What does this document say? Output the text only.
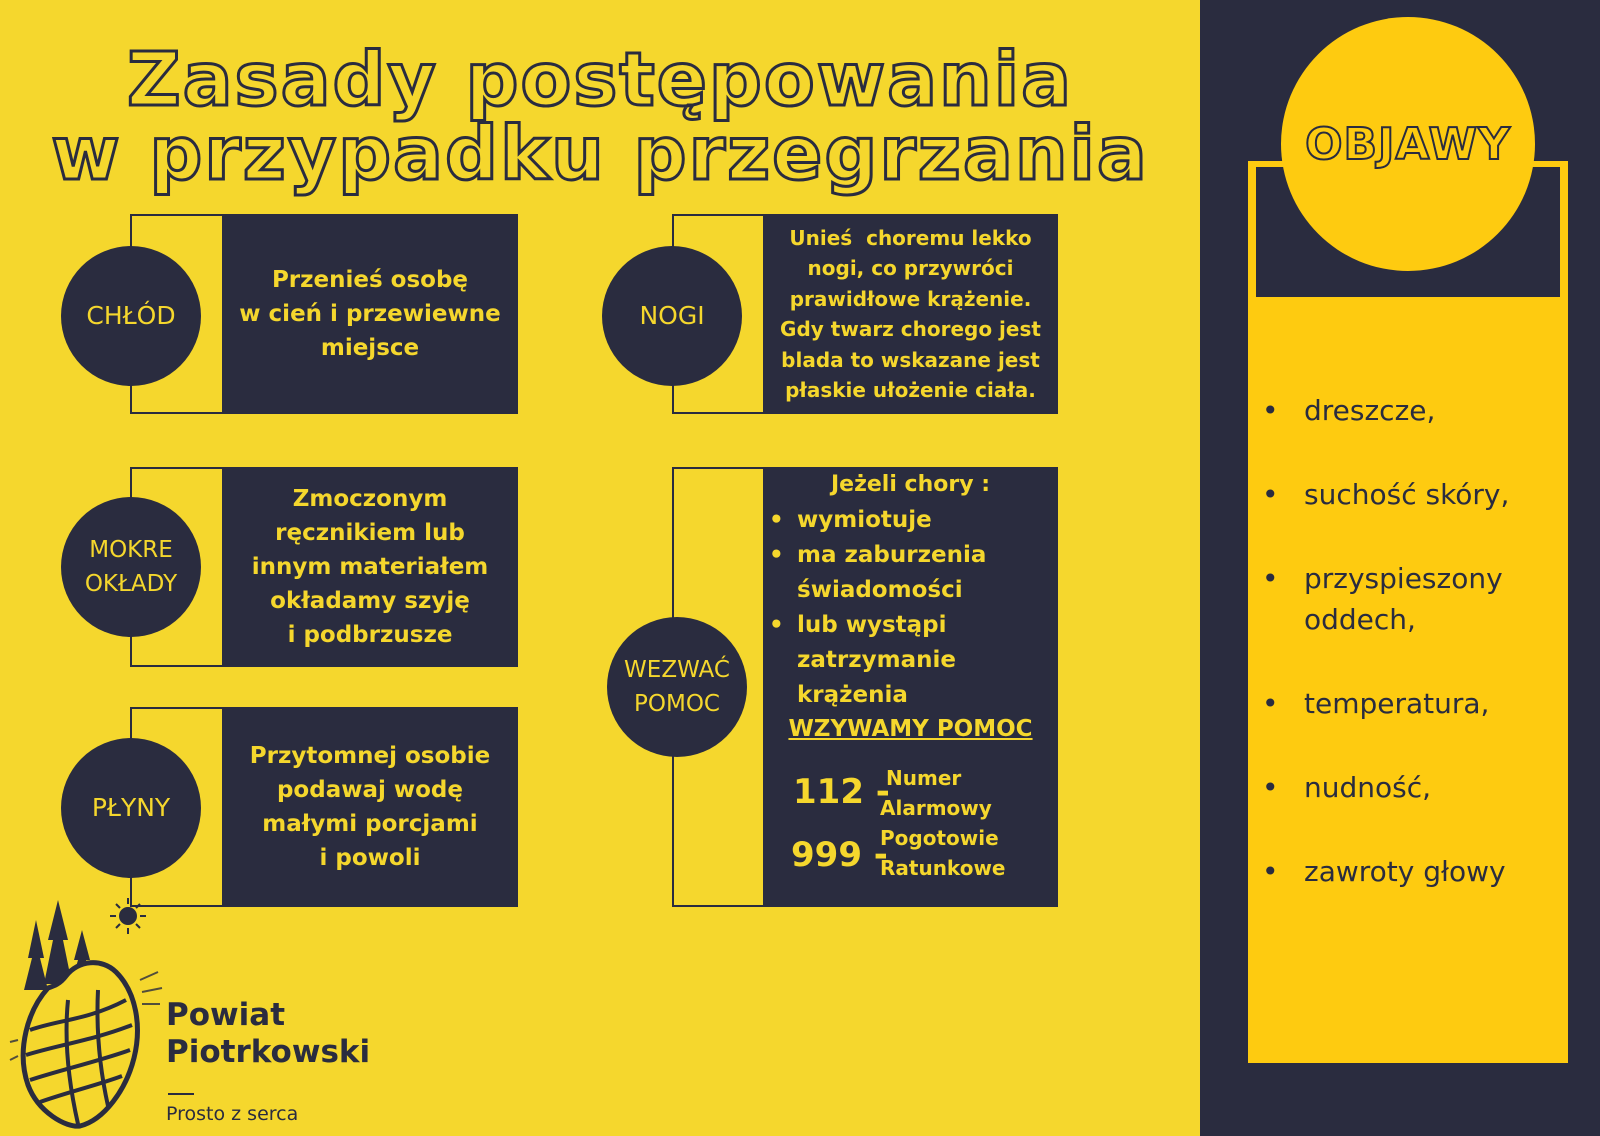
Zasady postępowania
w przypadku przegrzania
Przenieś osobę
w cień i przewiewne
miejsce
CHŁÓD
Zmoczonym
ręcznikiem lub
innym materiałem
okładamy szyję
i podbrzusze
MOKRE
OKŁADY
Przytomnej osobie
podawaj wodę
małymi porcjami
i powoli
PŁYNY
Unieś  choremu lekko
nogi, co przywróci
prawidłowe krążenie.
Gdy twarz chorego jest
blada to wskazane jest
płaskie ułożenie ciała.
NOGI
Jeżeli chory :
• wymiotuje
• ma zaburzenia
świadomości
• lub wystąpi
zatrzymanie
krążenia
WZYWAMY POMOC
112 -
Numer
Alarmowy
999 -
Pogotowie
Ratunkowe
WEZWAĆ
POMOC
OBJAWY
• dreszcze,
• suchość skóry,
• przyspieszony
oddech,
• temperatura,
• nudność,
• zawroty głowy
Powiat
Piotrkowski
Prosto z serca
